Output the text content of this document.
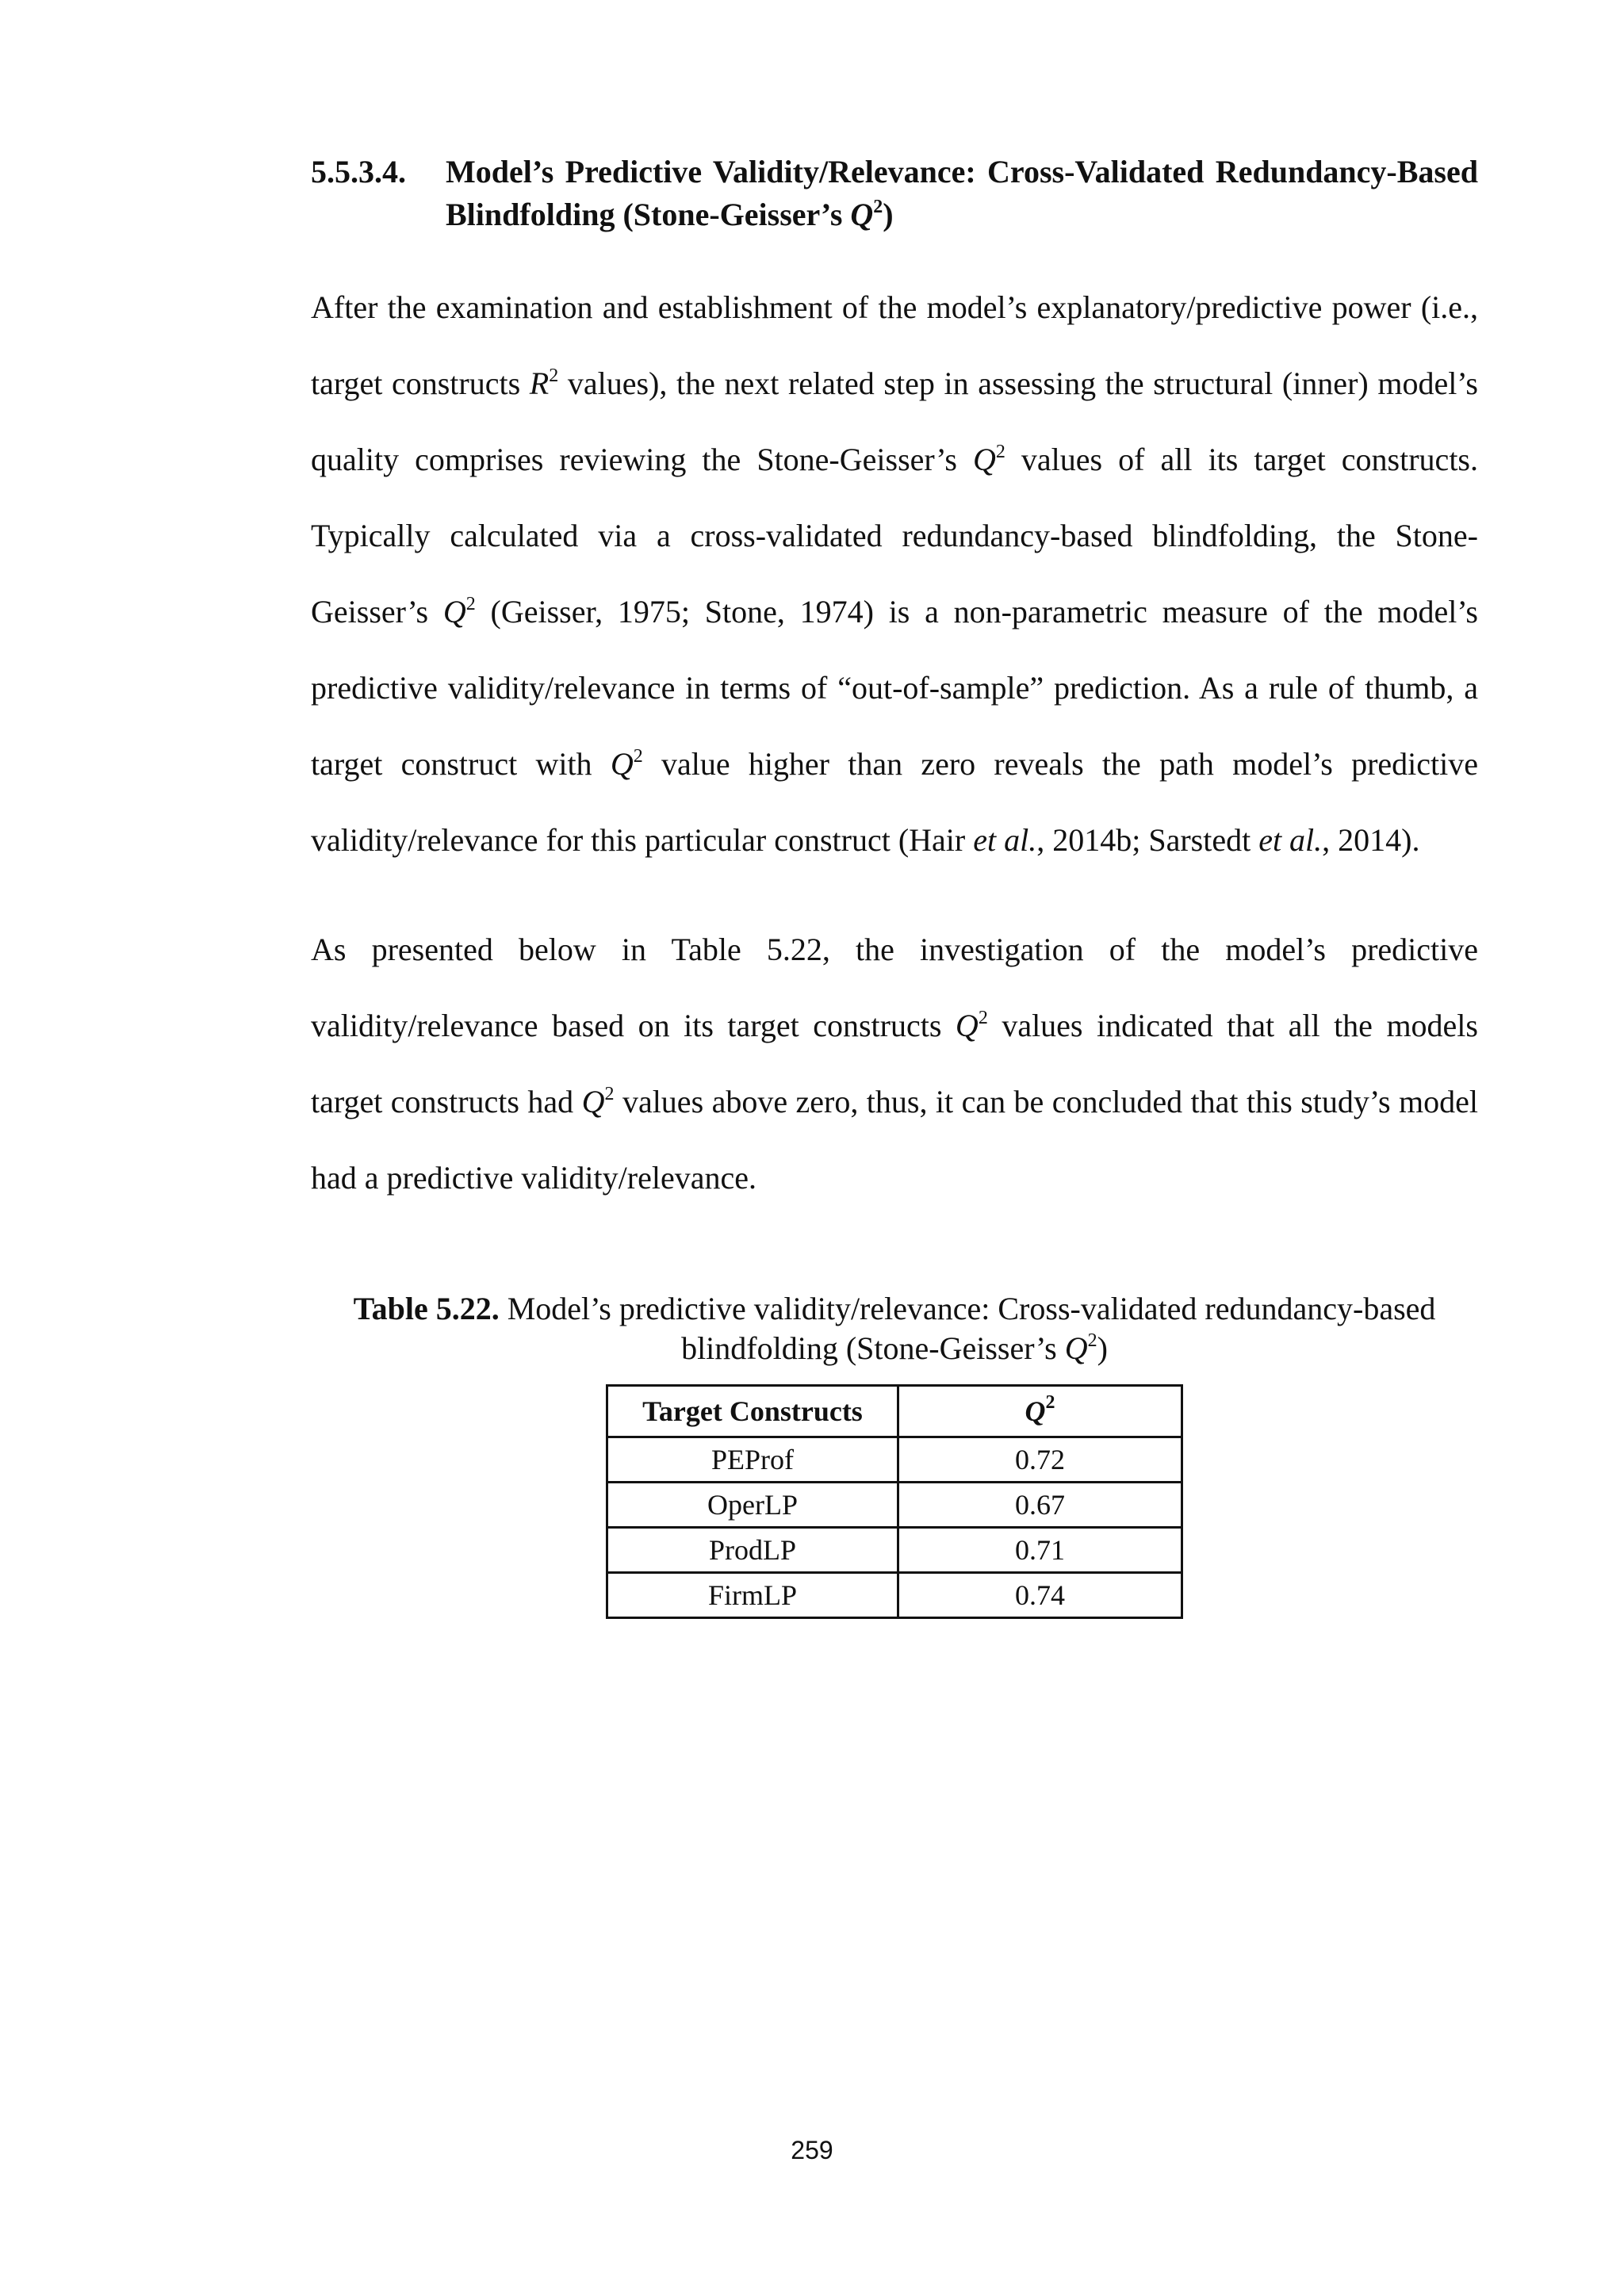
5.5.3.4.	Model’s Predictive Validity/Relevance: Cross-Validated Redundancy-Based Blindfolding (Stone-Geisser’s $Q^2$)

After the examination and establishment of the model’s explanatory/predictive power (i.e., target constructs $R^2$ values), the next related step in assessing the structural (inner) model’s quality comprises reviewing the Stone-Geisser’s $Q^2$ values of all its target constructs. Typically calculated via a cross-validated redundancy-based blindfolding, the Stone-Geisser’s $Q^2$ (Geisser, 1975; Stone, 1974) is a non-parametric measure of the model’s predictive validity/relevance in terms of “out-of-sample” prediction. As a rule of thumb, a target construct with $Q^2$ value higher than zero reveals the path model’s predictive validity/relevance for this particular construct (Hair et al., 2014b; Sarstedt et al., 2014).

As presented below in Table 5.22, the investigation of the model’s predictive validity/relevance based on its target constructs $Q^2$ values indicated that all the models target constructs had $Q^2$ values above zero, thus, it can be concluded that this study’s model had a predictive validity/relevance.

Table 5.22. Model’s predictive validity/relevance: Cross-validated redundancy-based blindfolding (Stone-Geisser’s $Q^2$)
Target Constructs	$Q^2$
PEProf	0.72
OperLP	0.67
ProdLP	0.71
FirmLP	0.74
259
